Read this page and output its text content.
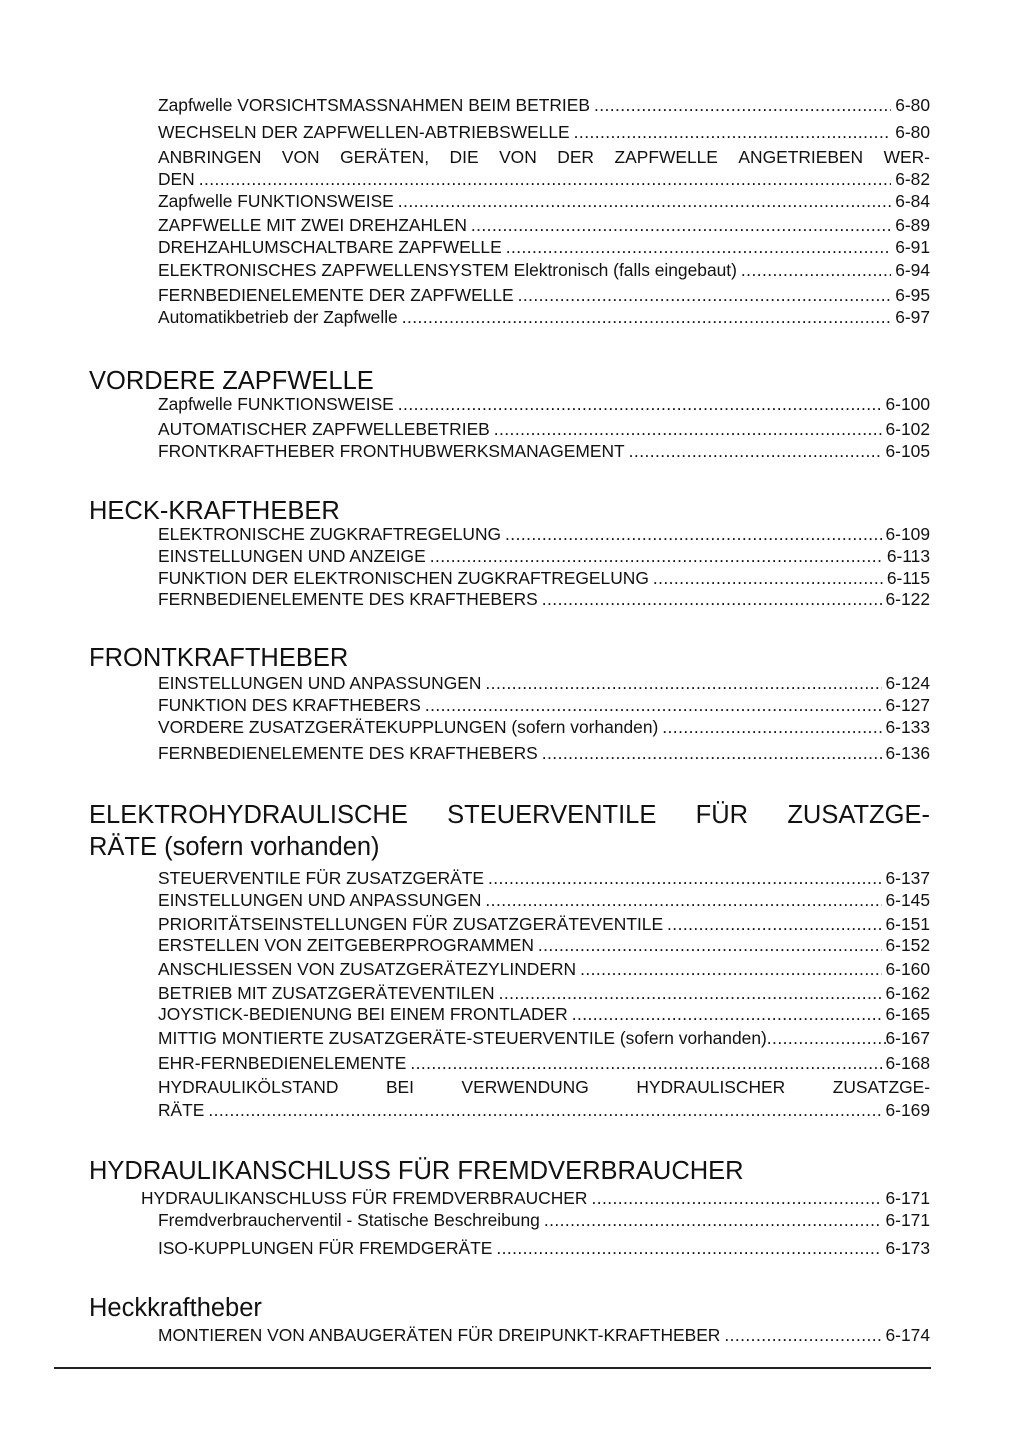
Zapfwelle VORSICHTSMASSNAHMEN BEIM BETRIEB . . .	6-80
WECHSELN DER ZAPFWELLEN-ABTRIEBSWELLE . . .	6-80
ANBRINGEN VON GERÄTEN, DIE VON DER ZAPFWELLE ANGETRIEBEN WER-
DEN . . .	6-82
Zapfwelle FUNKTIONSWEISE . . .	6-84
ZAPFWELLE MIT ZWEI DREHZAHLEN . . .	6-89
DREHZAHLUMSCHALTBARE ZAPFWELLE . . .	6-91
ELEKTRONISCHES ZAPFWELLENSYSTEM Elektronisch (falls eingebaut) . . .	6-94
FERNBEDIENELEMENTE DER ZAPFWELLE . . .	6-95
Automatikbetrieb der Zapfwelle . . .	6-97
VORDERE ZAPFWELLE
Zapfwelle FUNKTIONSWEISE . . .	6-100
AUTOMATISCHER ZAPFWELLEBETRIEB . . .	6-102
FRONTKRAFTHEBER FRONTHUBWERKSMANAGEMENT . . .	6-105
HECK-KRAFTHEBER
ELEKTRONISCHE ZUGKRAFTREGELUNG . . .	6-109
EINSTELLUNGEN UND ANZEIGE . . .	6-113
FUNKTION DER ELEKTRONISCHEN ZUGKRAFTREGELUNG . . .	6-115
FERNBEDIENELEMENTE DES KRAFTHEBERS . . .	6-122
FRONTKRAFTHEBER
EINSTELLUNGEN UND ANPASSUNGEN . . .	6-124
FUNKTION DES KRAFTHEBERS . . .	6-127
VORDERE ZUSATZGERÄTEKUPPLUNGEN (sofern vorhanden) . . .	6-133
FERNBEDIENELEMENTE DES KRAFTHEBERS . . .	6-136
ELEKTROHYDRAULISCHE STEUERVENTILE FÜR ZUSATZGE-
RÄTE (sofern vorhanden)
STEUERVENTILE FÜR ZUSATZGERÄTE . . .	6-137
EINSTELLUNGEN UND ANPASSUNGEN . . .	6-145
PRIORITÄTSEINSTELLUNGEN FÜR ZUSATZGERÄTEVENTILE . . .	6-151
ERSTELLEN VON ZEITGEBERPROGRAMMEN . . .	6-152
ANSCHLIESSEN VON ZUSATZGERÄTEZYLINDERN . . .	6-160
BETRIEB MIT ZUSATZGERÄTEVENTILEN . . .	6-162
JOYSTICK-BEDIENUNG BEI EINEM FRONTLADER . . .	6-165
MITTIG MONTIERTE ZUSATZGERÄTE-STEUERVENTILE (sofern vorhanden) . . .	6-167
EHR-FERNBEDIENELEMENTE . . .	6-168
HYDRAULIKÖLSTAND	BEI	VERWENDUNG	HYDRAULISCHER	ZUSATZGE-
RÄTE . . .	6-169
HYDRAULIKANSCHLUSS FÜR FREMDVERBRAUCHER
HYDRAULIKANSCHLUSS FÜR FREMDVERBRAUCHER . . .	6-171
Fremdverbraucherventil - Statische Beschreibung . . .	6-171
ISO-KUPPLUNGEN FÜR FREMDGERÄTE . . .	6-173
Heckkraftheber
MONTIEREN VON ANBAUGERÄTEN FÜR DREIPUNKT-KRAFTHEBER . . .	6-174
